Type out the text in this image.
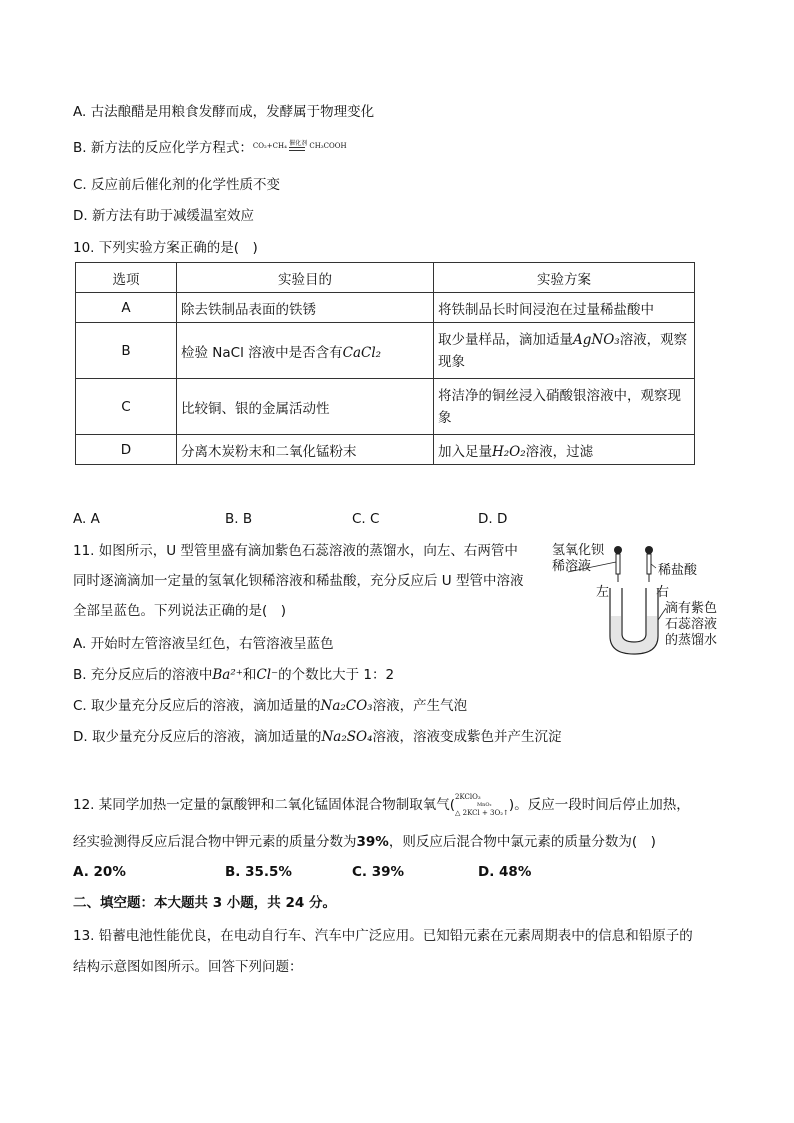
A. 古法酿醋是用粮食发酵而成，发酵属于物理变化
B. 新方法的反应化学方程式：CO₂+CH₄ 催化剂 CH₃COOH
C. 反应前后催化剂的化学性质不变
D. 新方法有助于减缓温室效应
10. 下列实验方案正确的是(　)
选项	实验目的	实验方案
A	除去铁制品表面的铁锈	将铁制品长时间浸泡在过量稀盐酸中
B	检验 NaCl 溶液中是否含有CaCl₂	取少量样品，滴加适量AgNO₃溶液，观察
现象
C	比较铜、银的金属活动性	将洁净的铜丝浸入硝酸银溶液中，观察现
象
D	分离木炭粉末和二氧化锰粉末	加入足量H₂O₂溶液，过滤
A. A	B. B	C. C	D. D
11. 如图所示，U 型管里盛有滴加紫色石蕊溶液的蒸馏水，向左、右两管中
同时逐滴滴加一定量的氢氧化钡稀溶液和稀盐酸，充分反应后 U 型管中溶液
全部呈蓝色。下列说法正确的是(　)
A. 开始时左管溶液呈红色，右管溶液呈蓝色
B. 充分反应后的溶液中Ba²⁺和Cl⁻的个数比大于 1：2
C. 取少量充分反应后的溶液，滴加适量的Na₂CO₃溶液，产生气泡
D. 取少量充分反应后的溶液，滴加适量的Na₂SO₄溶液，溶液变成紫色并产生沉淀
氢氧化钡
稀溶液	稀盐酸
左	右
滴有紫色
石蕊溶液
的蒸馏水
12. 某同学加热一定量的氯酸钾和二氧化锰固体混合物制取氧气( 2KClO₃
MnO₂
△ 2KCl + 3O₂↑ )。反应一段时间后停止加热，
经实验测得反应后混合物中钾元素的质量分数为39%，则反应后混合物中氯元素的质量分数为(　)
A. 20%	B. 35.5%	C. 39%	D. 48%
二、填空题：本大题共 3 小题，共 24 分。
13. 铅蓄电池性能优良，在电动自行车、汽车中广泛应用。已知铅元素在元素周期表中的信息和铅原子的
结构示意图如图所示。回答下列问题：
